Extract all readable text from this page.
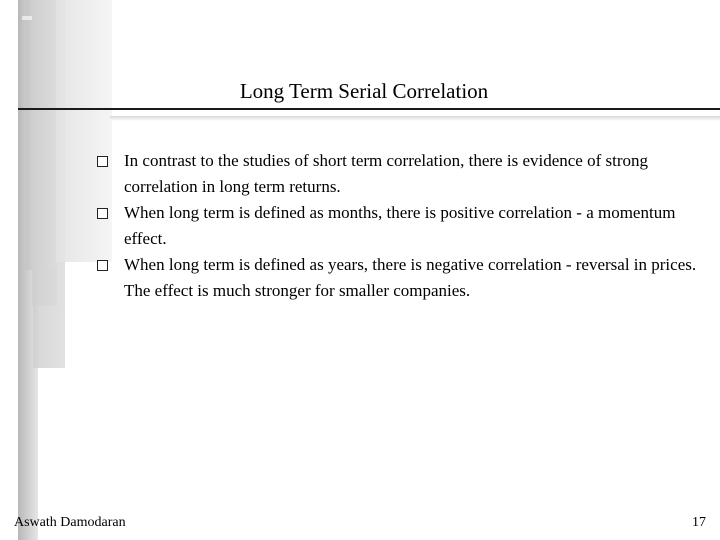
Long Term Serial Correlation
In contrast to the studies of short term correlation, there is evidence of strong correlation in long term returns.
When long term is defined as months, there is positive correlation - a momentum effect.
When long term is defined as years, there is negative correlation - reversal in prices. The effect is much stronger for smaller companies.
Aswath Damodaran	17
